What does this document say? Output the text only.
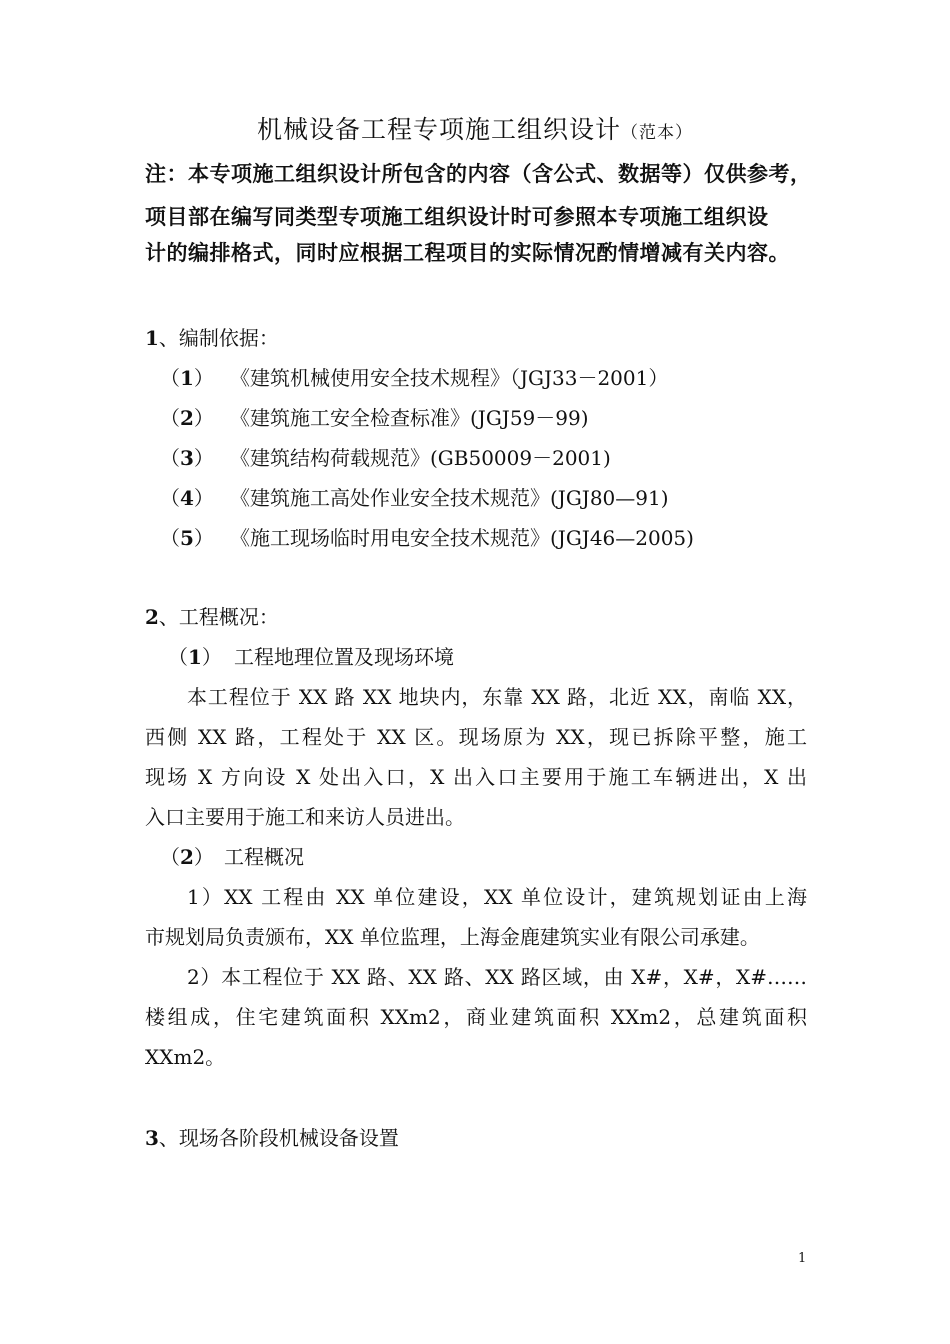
机械设备工程专项施工组织设计（范本）
注：本专项施工组织设计所包含的内容（含公式、数据等）仅供参考，
项目部在编写同类型专项施工组织设计时可参照本专项施工组织设
计的编排格式，同时应根据工程项目的实际情况酌情增减有关内容。
1、编制依据：
（1） 《建筑机械使用安全技术规程》（JGJ33－2001）
（2） 《建筑施工安全检查标准》(JGJ59－99)
（3） 《建筑结构荷载规范》(GB50009－2001)
（4） 《建筑施工高处作业安全技术规范》(JGJ80—91)
（5） 《施工现场临时用电安全技术规范》(JGJ46—2005)
2、工程概况：
（1） 工程地理位置及现场环境
本工程位于 XX 路 XX 地块内，东靠 XX 路，北近 XX，南临 XX，
西侧 XX 路，工程处于 XX 区。现场原为 XX，现已拆除平整，施工
现场 X 方向设 X 处出入口，X 出入口主要用于施工车辆进出，X 出
入口主要用于施工和来访人员进出。
（2） 工程概况
1）XX 工程由 XX 单位建设，XX 单位设计，建筑规划证由上海
市规划局负责颁布，XX 单位监理，上海金鹿建筑实业有限公司承建。
2）本工程位于 XX 路、XX 路、XX 路区域，由 X#，X#，X#……
楼组成，住宅建筑面积 XXm2，商业建筑面积 XXm2，总建筑面积
XXm2。
3、现场各阶段机械设备设置
1
